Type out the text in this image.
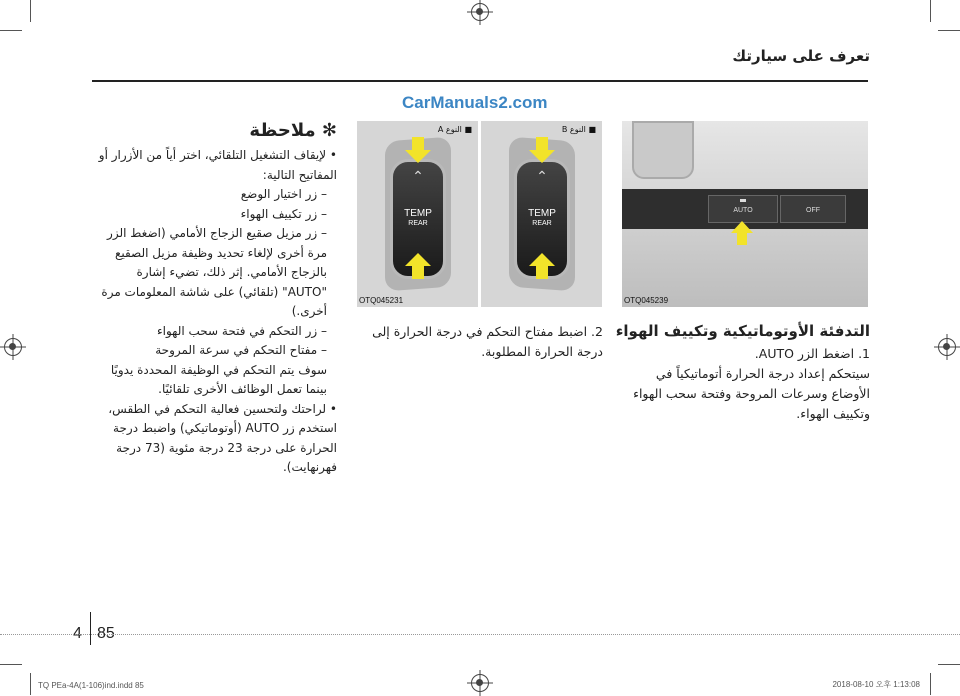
تعرف على سيارتك
CarManuals2.com
AUTO	OFF
OTQ045239
■ النوع A
⌃
TEMP
REAR
⌄
OTQ045231
■ النوع B
⌃
TEMP
REAR
⌄
التدفئة الأوتوماتيكية وتكييف الهواء
1. اضغط الزر AUTO.
سيتحكم إعداد درجة الحرارة أتوماتيكياً في الأوضاع وسرعات المروحة وفتحة سحب الهواء وتكييف الهواء.
2. اضبط مفتاح التحكم في درجة الحرارة إلى درجة الحرارة المطلوبة.
✻ ملاحظة
• لإيقاف التشغيل التلقائي، اختر أياً من الأزرار أو المفاتيح التالية:
– زر اختيار الوضع
– زر تكييف الهواء
– زر مزيل صقيع الزجاج الأمامي (اضغط الزر مرة أخرى لإلغاء تحديد وظيفة مزيل الصقيع بالزجاج الأمامي. إثر ذلك، تضيء إشارة "AUTO" (تلقائي) على شاشة المعلومات مرة أخرى.)
– زر التحكم في فتحة سحب الهواء
– مفتاح التحكم في سرعة المروحة
سوف يتم التحكم في الوظيفة المحددة يدويًا بينما تعمل الوظائف الأخرى تلقائيًا.
• لراحتك ولتحسين فعالية التحكم في الطقس، استخدم زر AUTO (أوتوماتيكي) واضبط درجة الحرارة على درجة 23 درجة مئوية (73 درجة فهرنهايت).
4 85
TQ PEa-4A(1-106)ind.indd 85	2018-08-10 오후 1:13:08
